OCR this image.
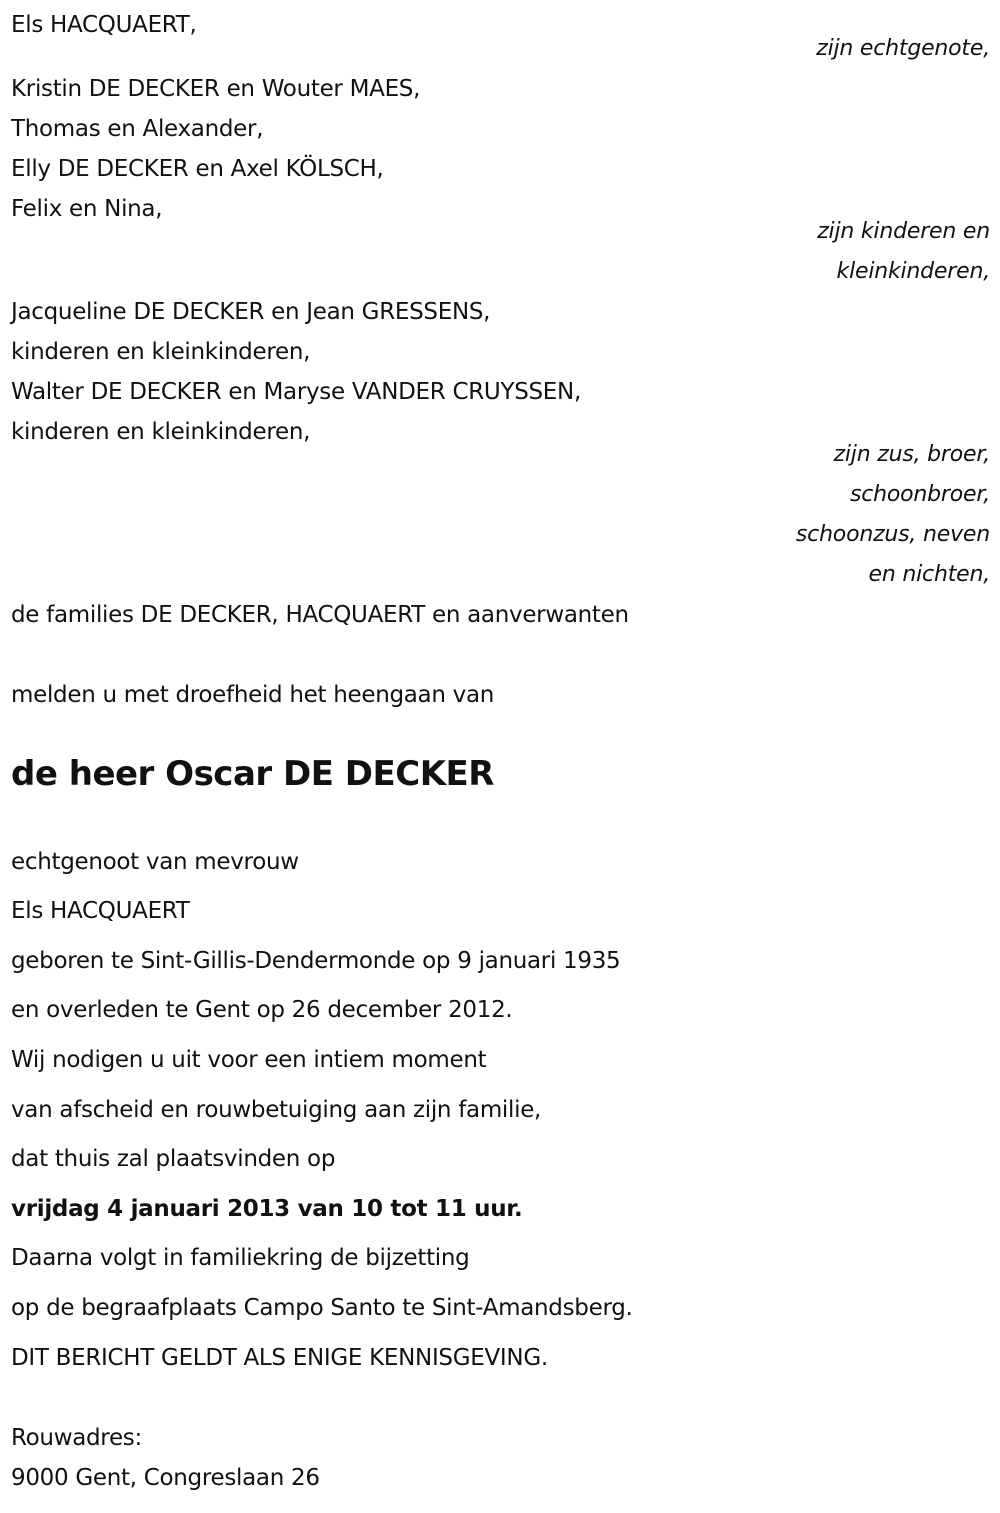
Els HACQUAERT,
zijn echtgenote,
Kristin DE DECKER en Wouter MAES,
Thomas en Alexander,
Elly DE DECKER en Axel KÖLSCH,
Felix en Nina,
zijn kinderen en
kleinkinderen,
Jacqueline DE DECKER en Jean GRESSENS,
kinderen en kleinkinderen,
Walter DE DECKER en Maryse VANDER CRUYSSEN,
kinderen en kleinkinderen,
zijn zus, broer,
schoonbroer,
schoonzus, neven
en nichten,
de families DE DECKER, HACQUAERT en aanverwanten
melden u met droefheid het heengaan van
de heer Oscar DE DECKER
echtgenoot van mevrouw
Els HACQUAERT
geboren te Sint-Gillis-Dendermonde op 9 januari 1935
en overleden te Gent op 26 december 2012.
Wij nodigen u uit voor een intiem moment
van afscheid en rouwbetuiging aan zijn familie,
dat thuis zal plaatsvinden op
vrijdag 4 januari 2013 van 10 tot 11 uur.
Daarna volgt in familiekring de bijzetting
op de begraafplaats Campo Santo te Sint-Amandsberg.
DIT BERICHT GELDT ALS ENIGE KENNISGEVING.
Rouwadres:
9000 Gent, Congreslaan 26
